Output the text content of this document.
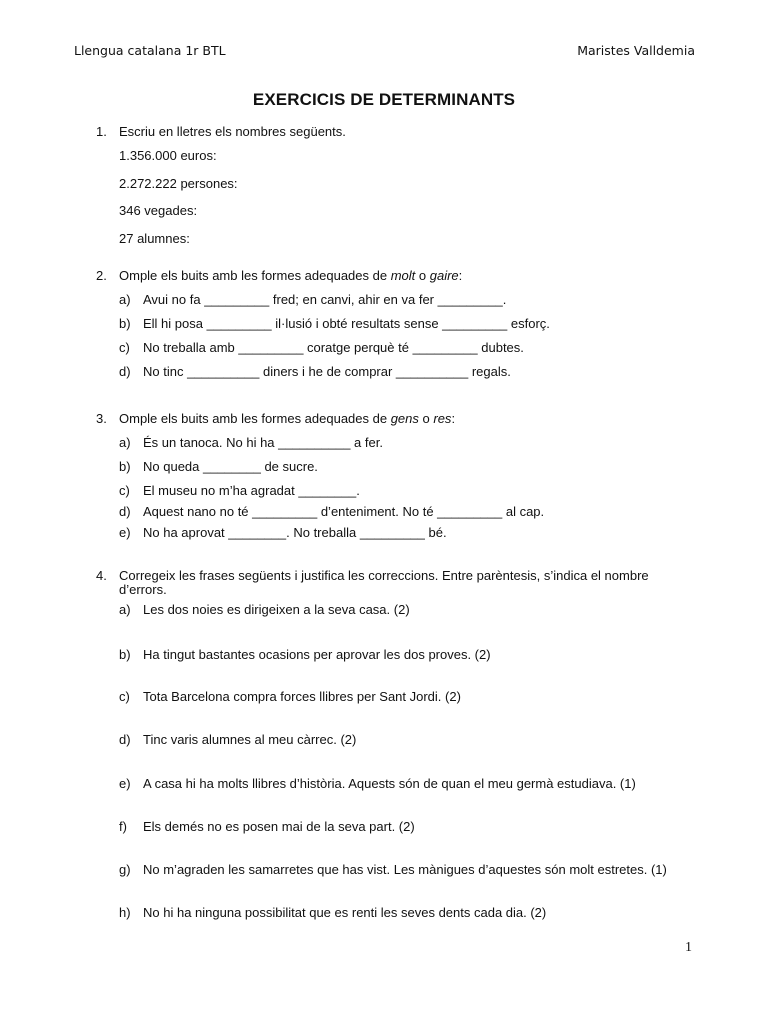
Llengua catalana 1r BTL	Maristes Valldemia
EXERCICIS DE DETERMINANTS
1. Escriu en lletres els nombres següents.
1.356.000 euros:
2.272.222 persones:
346 vegades:
27 alumnes:
2. Omple els buits amb les formes adequades de molt o gaire:
a) Avui no fa _________ fred; en canvi, ahir en va fer _________.
b) Ell hi posa _________ il·lusió i obté resultats sense _________ esforç.
c) No treballa amb _________ coratge perquè té _________ dubtes.
d) No tinc __________ diners i he de comprar __________ regals.
3. Omple els buits amb les formes adequades de gens o res:
a) És un tanoca. No hi ha __________ a fer.
b) No queda ________ de sucre.
c) El museu no m’ha agradat ________.
d) Aquest nano no té _________ d’enteniment. No té _________ al cap.
e) No ha aprovat ________. No treballa _________ bé.
4. Corregeix les frases següents i justifica les correccions. Entre parèntesis, s’indica el nombre d’errors.
a) Les dos noies es dirigeixen a la seva casa. (2)
b) Ha tingut bastantes ocasions per aprovar les dos proves. (2)
c) Tota Barcelona compra forces llibres per Sant Jordi. (2)
d) Tinc varis alumnes al meu càrrec. (2)
e) A casa hi ha molts llibres d’història. Aquests són de quan el meu germà estudiava. (1)
f) Els demés no es posen mai de la seva part. (2)
g) No m’agraden les samarretes que has vist. Les mànigues d’aquestes són molt estretes. (1)
h) No hi ha ninguna possibilitat que es renti les seves dents cada dia. (2)
1
